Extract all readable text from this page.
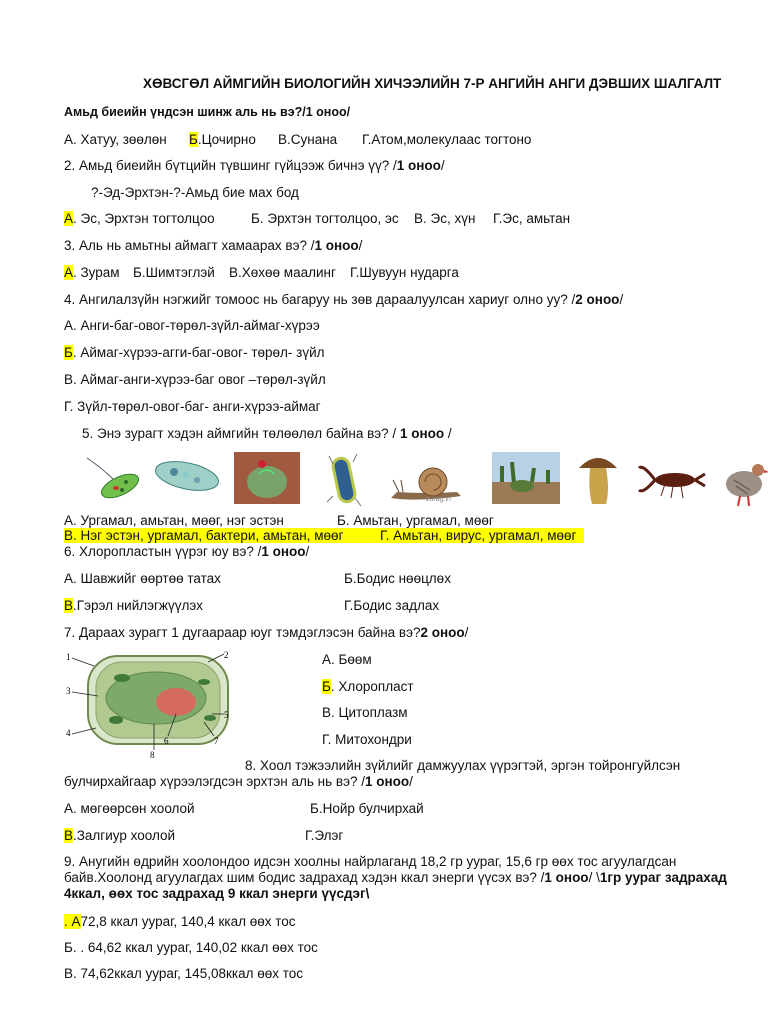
ХӨВСГӨЛ АЙМГИЙН БИОЛОГИЙН ХИЧЭЭЛИЙН 7-Р АНГИЙН АНГИ ДЭВШИХ ШАЛГАЛТ
Амьд биеийн үндсэн шинж аль нь вэ?/1 оноо/
А. Хатуу, зөөлөн Б.Цочирно В.Сунана Г.Атом,молекулаас тогтоно
2. Амьд биеийн бүтцийн түвшинг гүйцээж бичнэ үү? /1 оноо/
?-Эд-Эрхтэн-?-Амьд бие мах бод
А. Эс, Эрхтэн тогтолцоо	Б. Эрхтэн тогтолцоо, эс В. Эс, хүн Г.Эс, амьтан
3. Аль нь амьтны аймагт хамаарах вэ? /1 оноо/
А. Зурам Б.Шимтэглэй В.Хөхөө маалинг Г.Шувуун нударга
4. Ангилалзүйн нэгжийг томоос нь багаруу нь зөв дараалуулсан хариуг олно уу? /2 оноо/
А. Анги-баг-овог-төрөл-зүйл-аймаг-хүрээ
Б. Аймаг-хүрээ-агги-баг-овог- төрөл- зүйл
В. Аймаг-анги-хүрээ-баг овог –төрөл-зүйл
Г. Зүйл-төрөл-овог-баг- анги-хүрээ-аймаг
5. Энэ зурагт хэдэн аймгийн төлөөлөл байна вэ? / 1 оноо /
zurag.in
А. Ургамал, амьтан, мөөг, нэг эстэн	Б. Амьтан, ургамал, мөөг
В. Нэг эстэн, ургамал, бактери, амьтан, мөөг	Г. Амьтан, вирус, ургамал, мөөг
6. Хлоропластын үүрэг юу вэ? /1 оноо/
А. Шавжийг өөртөө татах	Б.Бодис нөөцлөх
В.Гэрэл нийлэгжүүлэх	Г.Бодис задлах
7. Дараах зурагт 1 дугаараар юуг тэмдэглэсэн байна вэ?2 оноо/
1	2
3
4
5
6	7
8
А. Бөөм
Б. Хлоропласт
В. Цитоплазм
Г. Митохондри
8. Хоол тэжээлийн зүйлийг дамжуулах үүрэгтэй, эргэн тойронгуйлсэн
булчирхайгаар хүрээлэгдсэн эрхтэн аль нь вэ? /1 оноо/
А. мөгөөрсөн хоолой	Б.Нойр булчирхай
В.Залгиур хоолой	Г.Элэг
9. Анугийн өдрийн хоолондоо идсэн хоолны найрлаганд 18,2 гр уураг, 15,6 гр өөх тос агуулагдсан
байв.Хоолонд агуулагдах шим бодис задрахад хэдэн ккал энерги үүсэх вэ? /1 оноо/ \1гр уураг задрахад
4ккал, өөх тос задрахад 9 ккал энерги үүсдэг\
. А72,8 ккал уураг, 140,4 ккал өөх тос
Б. . 64,62 ккал уураг, 140,02 ккал өөх тос
В. 74,62ккал уураг, 145,08ккал өөх тос
